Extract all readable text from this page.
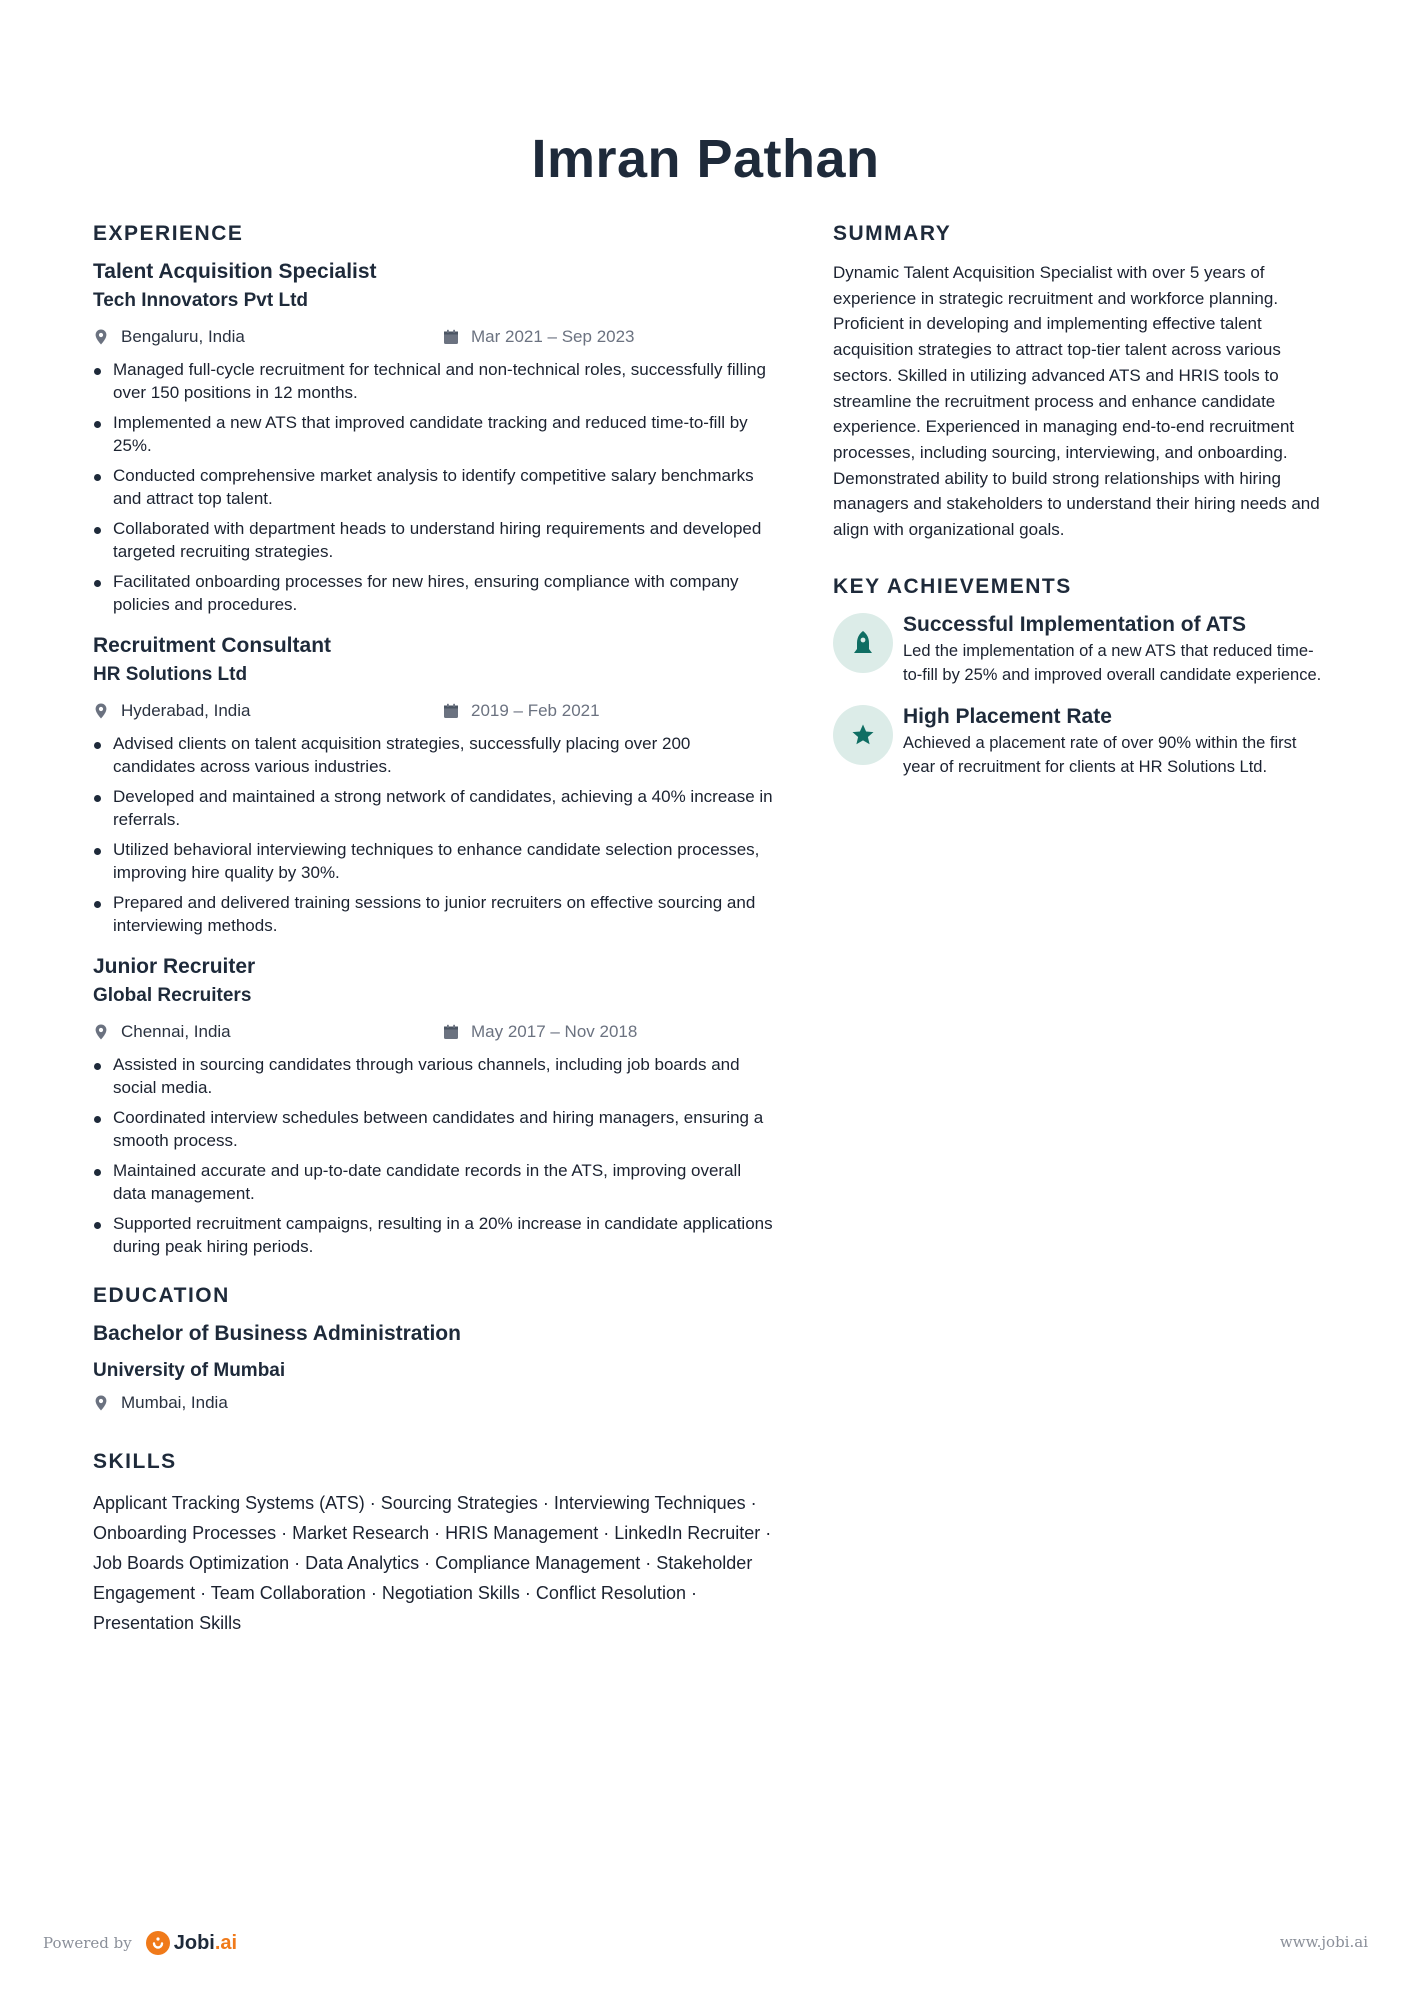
Imran Pathan
EXPERIENCE
Talent Acquisition Specialist
Tech Innovators Pvt Ltd
Bengaluru, India	Mar 2021 – Sep 2023
Managed full-cycle recruitment for technical and non-technical roles, successfully filling over 150 positions in 12 months.
Implemented a new ATS that improved candidate tracking and reduced time-to-fill by 25%.
Conducted comprehensive market analysis to identify competitive salary benchmarks and attract top talent.
Collaborated with department heads to understand hiring requirements and developed targeted recruiting strategies.
Facilitated onboarding processes for new hires, ensuring compliance with company policies and procedures.
Recruitment Consultant
HR Solutions Ltd
Hyderabad, India	2019 – Feb 2021
Advised clients on talent acquisition strategies, successfully placing over 200 candidates across various industries.
Developed and maintained a strong network of candidates, achieving a 40% increase in referrals.
Utilized behavioral interviewing techniques to enhance candidate selection processes, improving hire quality by 30%.
Prepared and delivered training sessions to junior recruiters on effective sourcing and interviewing methods.
Junior Recruiter
Global Recruiters
Chennai, India	May 2017 – Nov 2018
Assisted in sourcing candidates through various channels, including job boards and social media.
Coordinated interview schedules between candidates and hiring managers, ensuring a smooth process.
Maintained accurate and up-to-date candidate records in the ATS, improving overall data management.
Supported recruitment campaigns, resulting in a 20% increase in candidate applications during peak hiring periods.
EDUCATION
Bachelor of Business Administration
University of Mumbai
Mumbai, India
SKILLS

Applicant Tracking Systems (ATS) · Sourcing Strategies · Interviewing Techniques · Onboarding Processes · Market Research · HRIS Management · LinkedIn Recruiter · Job Boards Optimization · Data Analytics · Compliance Management · Stakeholder Engagement · Team Collaboration · Negotiation Skills · Conflict Resolution · Presentation Skills

SUMMARY

Dynamic Talent Acquisition Specialist with over 5 years of experience in strategic recruitment and workforce planning. Proficient in developing and implementing effective talent acquisition strategies to attract top-tier talent across various sectors. Skilled in utilizing advanced ATS and HRIS tools to streamline the recruitment process and enhance candidate experience. Experienced in managing end-to-end recruitment processes, including sourcing, interviewing, and onboarding. Demonstrated ability to build strong relationships with hiring managers and stakeholders to understand their hiring needs and align with organizational goals.

KEY ACHIEVEMENTS
Successful Implementation of ATS

Led the implementation of a new ATS that reduced time-to-fill by 25% and improved overall candidate experience.

High Placement Rate

Achieved a placement rate of over 90% within the first year of recruitment for clients at HR Solutions Ltd.

Powered by Jobi.ai	www.jobi.ai
